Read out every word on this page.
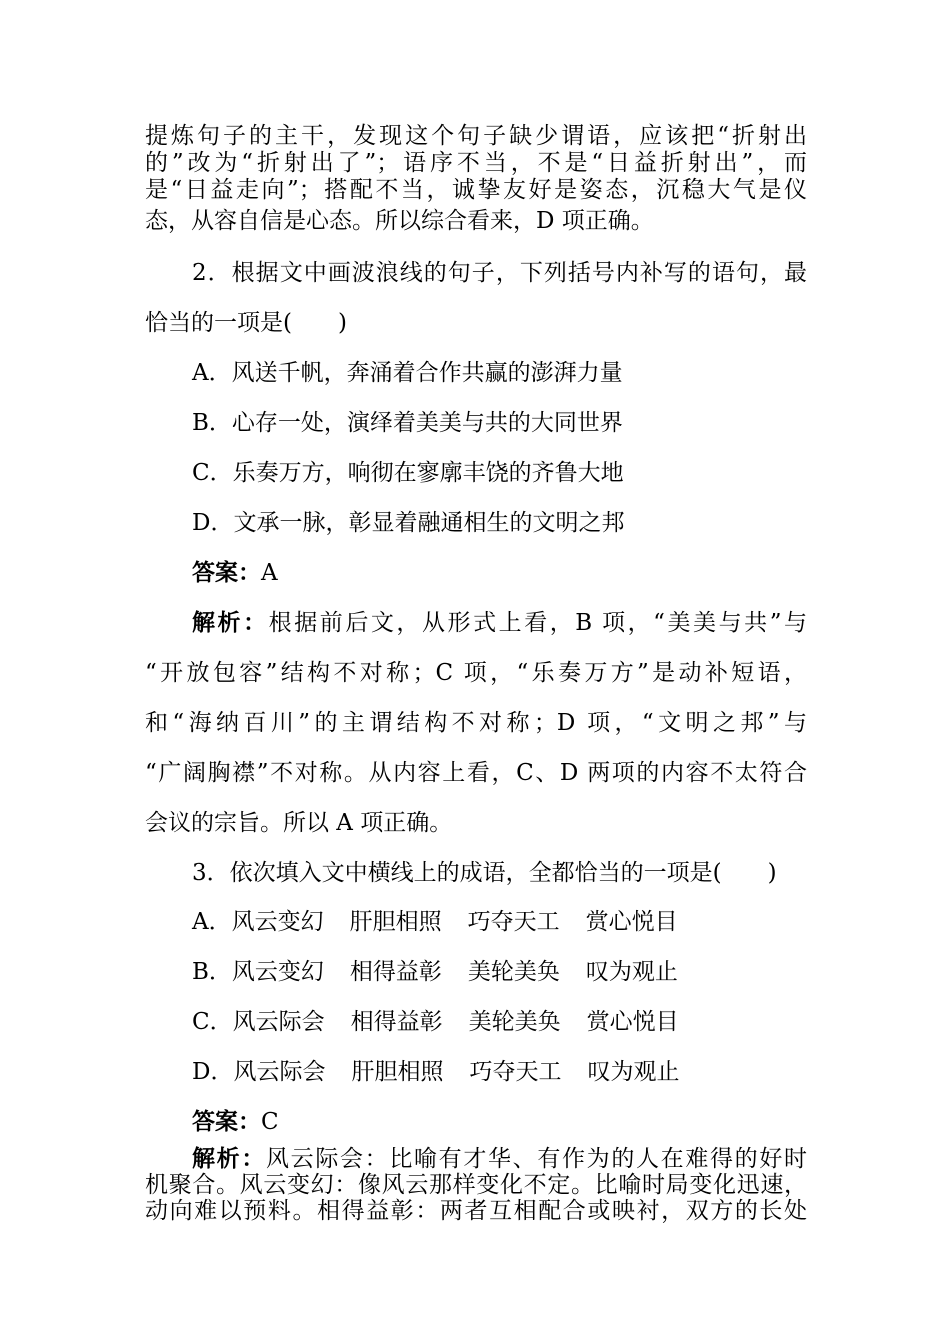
提炼句子的主干，发现这个句子缺少谓语，应该把“折射出
的”改为“折射出了”；语序不当，不是“日益折射出”，而
是“日益走向”；搭配不当，诚挚友好是姿态，沉稳大气是仪
态，从容自信是心态。所以综合看来，D 项正确。
2．根据文中画波浪线的句子，下列括号内补写的语句，最
恰当的一项是(　　)
A．风送千帆，奔涌着合作共赢的澎湃力量
B．心存一处，演绎着美美与共的大同世界
C．乐奏万方，响彻在寥廓丰饶的齐鲁大地
D．文承一脉，彰显着融通相生的文明之邦
答案：A
解析：根据前后文，从形式上看，B 项，“美美与共”与
“开放包容”结构不对称；C 项，“乐奏万方”是动补短语，
和“海纳百川”的主谓结构不对称；D 项，“文明之邦”与
“广阔胸襟”不对称。从内容上看，C、D 两项的内容不太符合
会议的宗旨。所以 A 项正确。
3．依次填入文中横线上的成语，全都恰当的一项是(　　)
A．风云变幻 肝胆相照 巧夺天工 赏心悦目
B．风云变幻 相得益彰 美轮美奂 叹为观止
C．风云际会 相得益彰 美轮美奂 赏心悦目
D．风云际会 肝胆相照 巧夺天工 叹为观止
答案：C
解析：风云际会：比喻有才华、有作为的人在难得的好时
机聚合。风云变幻：像风云那样变化不定。比喻时局变化迅速，
动向难以预料。相得益彰：两者互相配合或映衬，双方的长处
